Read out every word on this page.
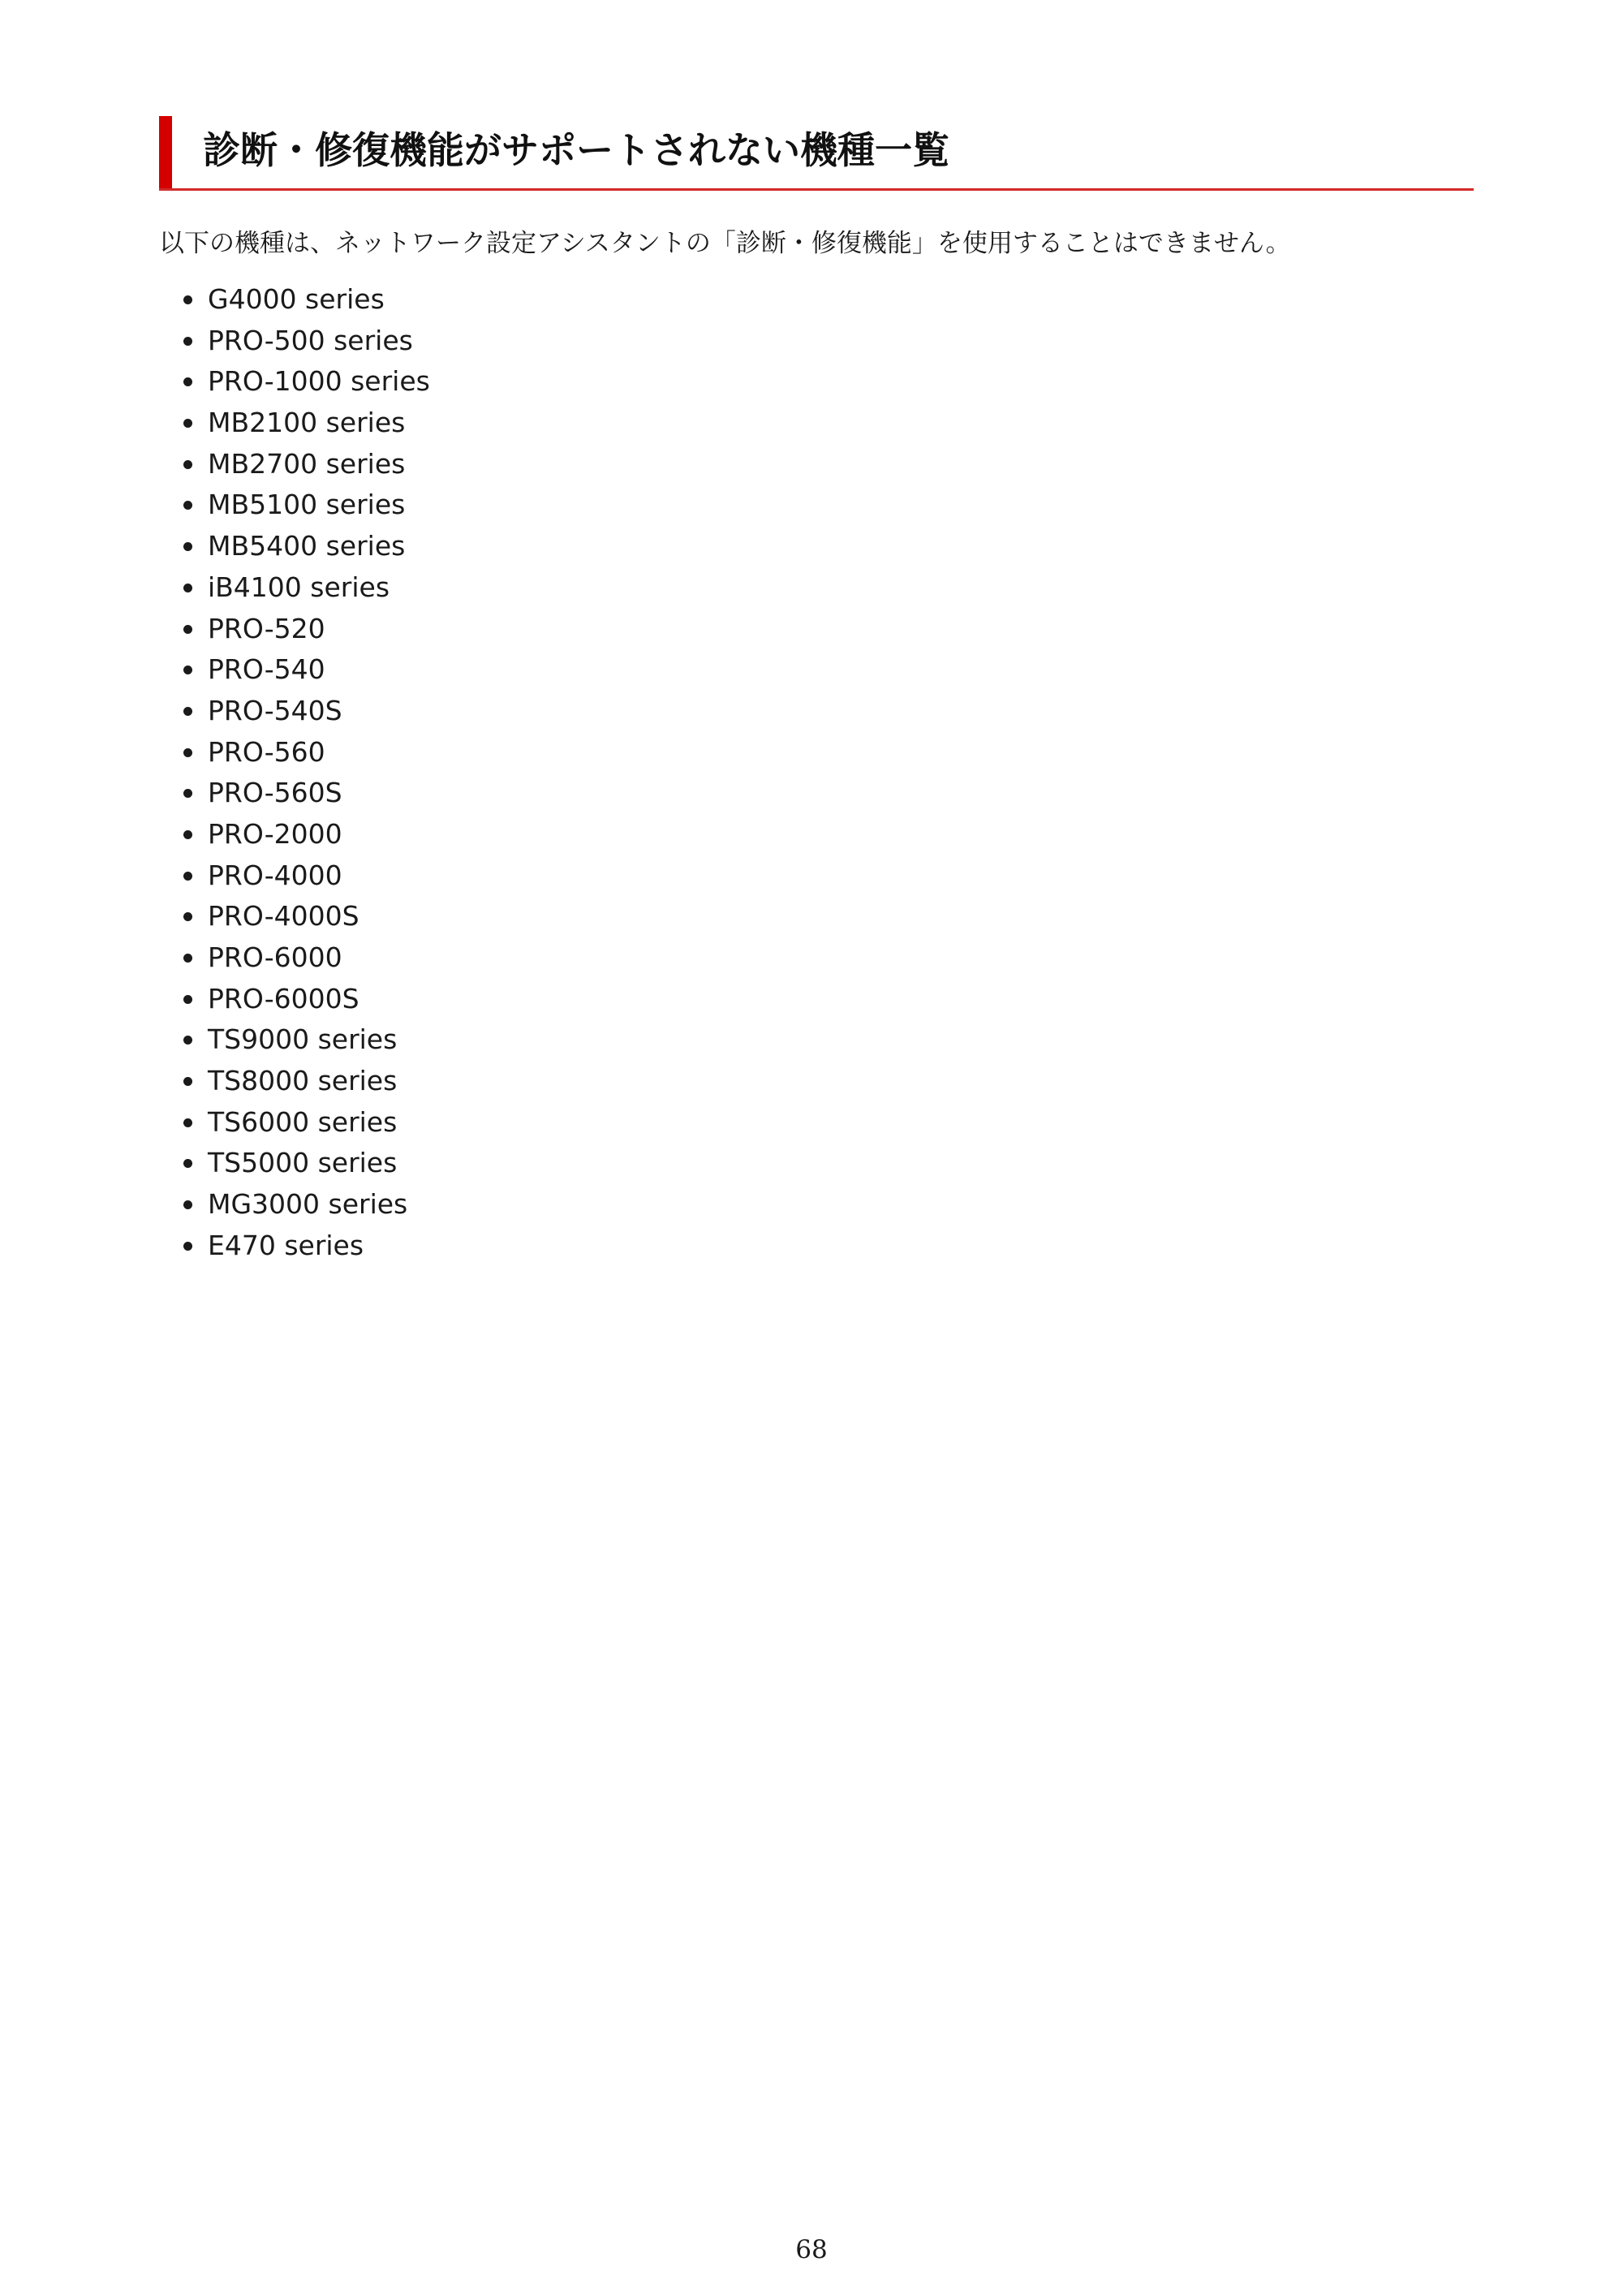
診断・修復機能がサポートされない機種一覧
以下の機種は、ネットワーク設定アシスタントの「診断・修復機能」を使用することはできません。
G4000 series
PRO-500 series
PRO-1000 series
MB2100 series
MB2700 series
MB5100 series
MB5400 series
iB4100 series
PRO-520
PRO-540
PRO-540S
PRO-560
PRO-560S
PRO-2000
PRO-4000
PRO-4000S
PRO-6000
PRO-6000S
TS9000 series
TS8000 series
TS6000 series
TS5000 series
MG3000 series
E470 series
68
